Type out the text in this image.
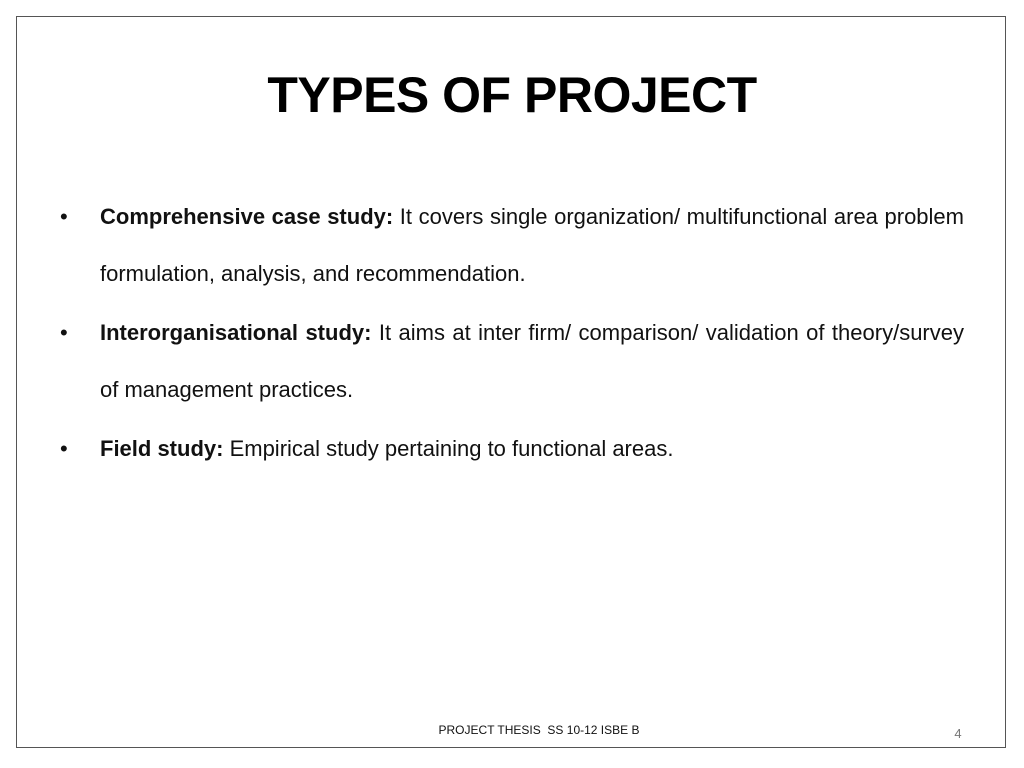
TYPES OF PROJECT
• Comprehensive case study: It covers single organization/ multifunctional area problem formulation, analysis, and recommendation.
• Interorganisational study: It aims at inter firm/ comparison/ validation of theory/survey of management practices.
• Field study: Empirical study pertaining to functional areas.
PROJECT THESIS  SS 10-12 ISBE B	4
